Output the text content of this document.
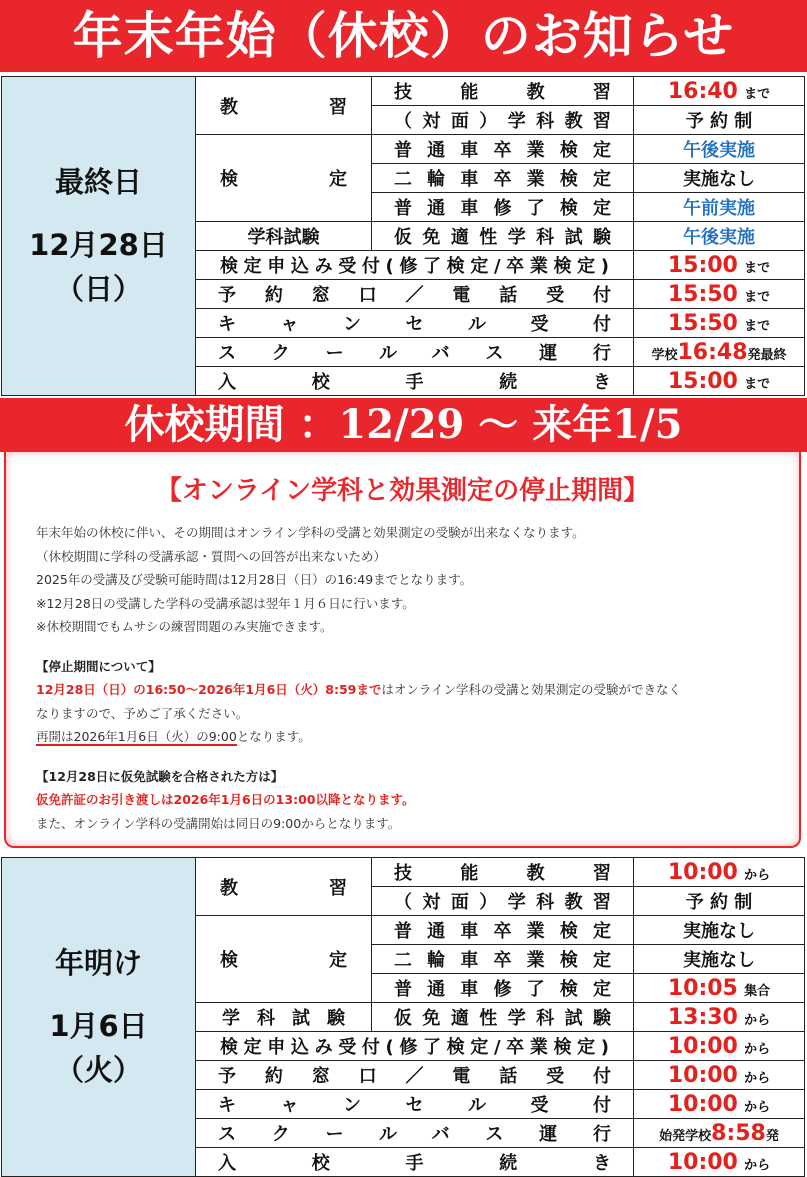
年末年始（休校）のお知らせ
最終日
12月28日
（日）	教　　習	技　能　教　習	16:40 まで
		（対面）学科教習	予 約 制
	検　　定	普通車卒業検定	午後実施
		二輪車卒業検定	実施なし
		普通車修了検定	午前実施
	学科試験	仮免適性学科試験	午後実施
	検定申込み受付(修了検定/卒業検定)		15:00 まで
	予約窓口／電話受付		15:50 まで
	キャンセル受付		15:50 まで
	スクールバス運行		学校16:48発最終
	入校手続き		15:00 まで
休校期間 ：12/29 ～ 来年1/5
【オンライン学科と効果測定の停止期間】

年末年始の休校に伴い、その期間はオンライン学科の受講と効果測定の受験が出来なくなります。

（休校期間に学科の受講承認・質問への回答が出来ないため）

2025年の受講及び受験可能時間は12月28日（日）の16:49までとなります。

※12月28日の受講した学科の受講承認は翌年１月６日に行います。

※休校期間でもムサシの練習問題のみ実施できます。

【停止期間について】

12月28日（日）の16:50～2026年1月6日（火）8:59まではオンライン学科の受講と効果測定の受験ができなく

なりますので、予めご了承ください。

再開は2026年1月6日（火）の9:00となります。

【12月28日に仮免試験を合格された方は】

仮免許証のお引き渡しは2026年1月6日の13:00以降となります。

また、オンライン学科の受講開始は同日の9:00からとなります。

年明け
1月6日
（火）	教　　習	技　能　教　習	10:00 から
		（対面）学科教習	予 約 制
	検　　定	普通車卒業検定	実施なし
		二輪車卒業検定	実施なし
		普通車修了検定	10:05 集合
	学科試験	仮免適性学科試験	13:30 から
	検定申込み受付(修了検定/卒業検定)		10:00 から
	予約窓口／電話受付		10:00 から
	キャンセル受付		10:00 から
	スクールバス運行		始発学校8:58発
	入校手続き		10:00 から
